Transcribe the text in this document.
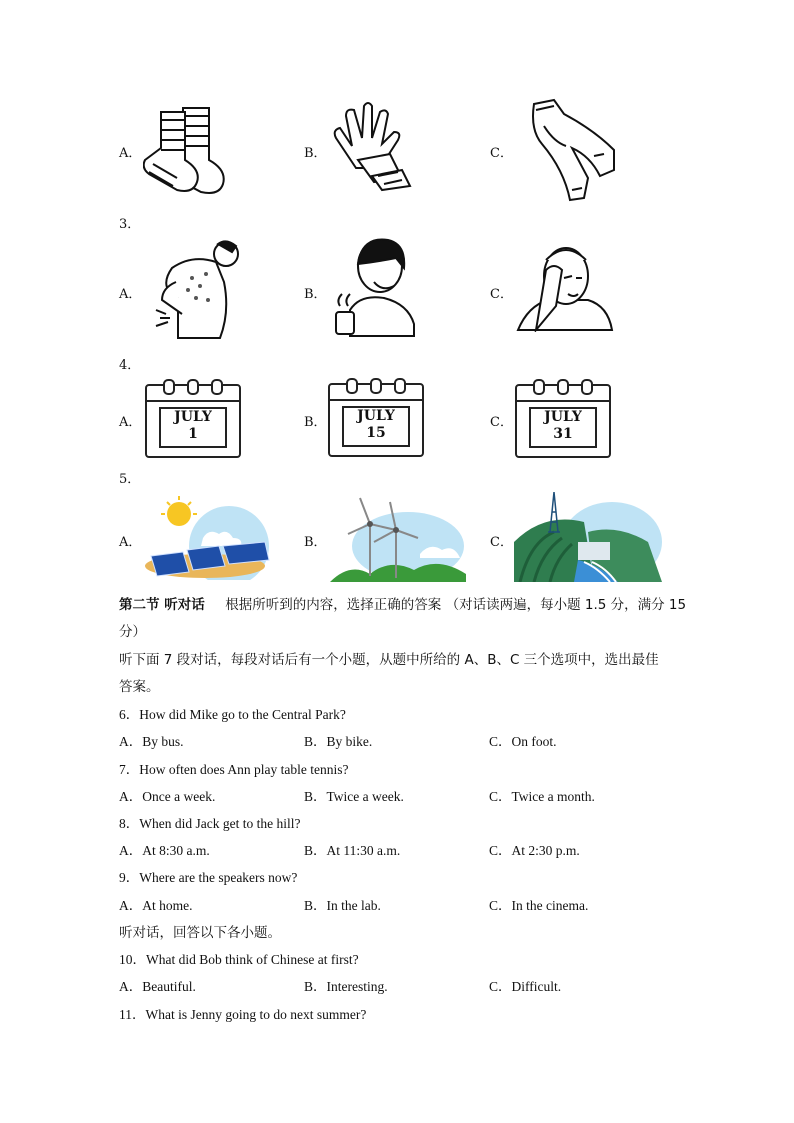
A．	B．	C．
3．
A．	B．	C．
4．
A．	JULY
1
B．	JULY
15
C．	JULY
31
5．
A．	B．	C．
第二节 听对话 根据所听到的内容，选择正确的答案 （对话读两遍，每小题 1.5 分，满分 15
分）
听下面 7 段对话，每段对话后有一个小题，从题中所给的 A、B、C 三个选项中，选出最佳
答案。
6．How did Mike go to the Central Park?
A．By bus.	B．By bike.	C．On foot.
7．How often does Ann play table tennis?
A．Once a week.	B．Twice a week.	C．Twice a month.
8．When did Jack get to the hill?
A．At 8:30 a.m.	B．At 11:30 a.m.	C．At 2:30 p.m.
9．Where are the speakers now?
A．At home.	B．In the lab.	C．In the cinema.
听对话，回答以下各小题。
10．What did Bob think of Chinese at first?
A．Beautiful.	B．Interesting.	C．Difficult.
11．What is Jenny going to do next summer?
